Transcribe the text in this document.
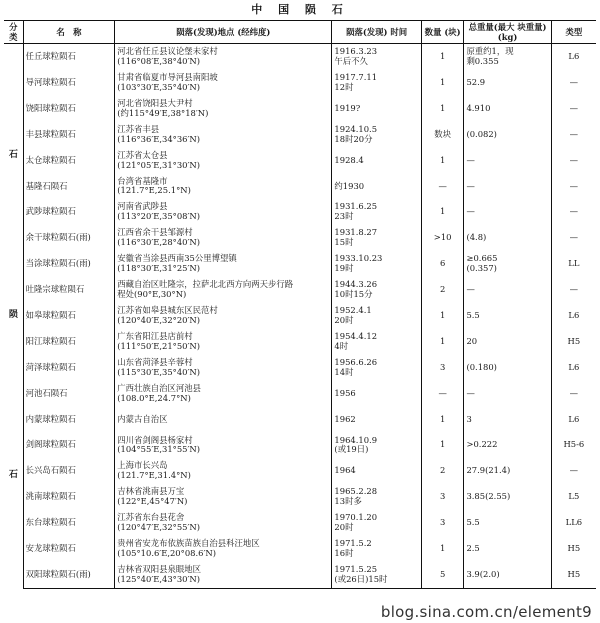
中 国 陨 石
分类	名　称	陨落(发现)地点 (经纬度)	陨落(发现) 时间	数量 (块)	总重量(最大 块重量)(kg)	类型

石
陨
石	任丘球粒陨石	河北省任丘县议论堡未家村
(116°08′E,38°40′N)	1916.3.23
午后不久	1	原重约1，现
剩0.355	L6

	导河球粒陨石	甘肃省临夏市导河县南阳坡
(103°30′E,35°40′N)	1917.7.11
12时	1	52.9	—

	饶阳球粒陨石	河北省饶阳县大尹村
(约115°49′E,38°18′N)	1919?	1	4.910	—

	丰县球粒陨石	江苏省丰县
(116°36′E,34°36′N)	1924.10.5
18时20分	数块	(0.082)	—

	太仓球粒陨石	江苏省太仓县
(121°05′E,31°30′N)	1928.4	1	—	—

	基隆石陨石	台湾省基隆市
(121.7°E,25.1°N)	约1930	—	—	—

	武陟球粒陨石	河南省武陟县
(113°20′E,35°08′N)	1931.6.25
23时	1	—	—

	余干球粒陨石(雨)	江西省余干县邹源村
(116°30′E,28°40′N)	1931.8.27
15时	>10	(4.8)	—

	当涂球粒陨石(雨)	安徽省当涂县西南35公里博望镇
(118°30′E,31°25′N)	1933.10.23
19时	6	≥0.665
(0.357)	LL

	吐隆宗球粒陨石	西藏自治区吐隆宗，拉萨北北西方向两天步行路
程处(90°E,30°N)	1944.3.26
10时15分	2	—	—

	如皋球粒陨石	江苏省如皋县城东区民范村
(120°40′E,32°20′N)	1952.4.1
20时	1	5.5	L6

	阳江球粒陨石	广东省阳江县店前村
(111°50′E,21°50′N)	1954.4.12
4时	1	20	H5

	菏泽球粒陨石	山东省菏泽县辛蓉村
(115°30′E,35°40′N)	1956.6.26
14时	3	(0.180)	L6

	河池石陨石	广西壮族自治区河池县
(108.0°E,24.7°N)	1956	—	—	—

	内蒙球粒陨石	内蒙古自治区	1962	1	3	L6

	剑阁球粒陨石	四川省剑阁县杨家村
(104°55′E,31°55′N)	1964.10.9
(或19日)	1	>0.222	H5-6

	长兴岛石陨石	上海市长兴岛
(121.7°E,31.4°N)	1964	2	27.9(21.4)	—

	洮南球粒陨石	吉林省洮南县万宝
(122°E,45°47′N)	1965.2.28
13时多	3	3.85(2.55)	L5

	东台球粒陨石	江苏省东台县花舍
(120°47′E,32°55′N)	1970.1.20
20时	3	5.5	LL6

	安龙球粒陨石	贵州省安龙布依族苗族自治县科汪地区
(105°10.6′E,20°08.6′N)	1971.5.2
16时	1	2.5	H5

	双阳球粒陨石(雨)	吉林省双阳县泉眼地区
(125°40′E,43°30′N)	1971.5.25
(或26日)15时	5	3.9(2.0)	H5
blog.sina.com.cn/element9
